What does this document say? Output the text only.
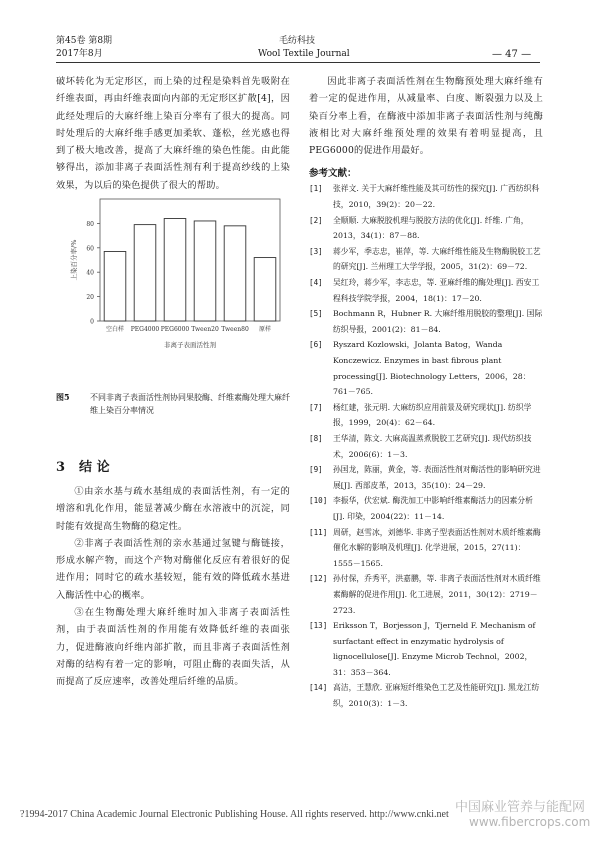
第45卷 第8期
2017年8月
毛纺科技
Wool Textile Journal	— 47 —

破坏转化为无定形区，而上染的过程是染料首先吸附在纤维表面，再由纤维表面向内部的无定形区扩散[4]，因此经处理后的大麻纤维上染百分率有了很大的提高。同时处理后的大麻纤维手感更加柔软、蓬松，丝光感也得到了极大地改善，提高了大麻纤维的染色性能。由此能够得出，添加非离子表面活性剂有利于提高纱线的上染效果，为以后的染色提供了很大的帮助。

0
20
40
60
80
上染百分率/%
空白样 PEG4000 PEG6000 Tween20 Tween80 原样
非离子表面活性剂
图5	不同非离子表面活性剂协同果胶酶、纤维素酶处理大麻纤维上染百分率情况
3 结 论

①由亲水基与疏水基组成的表面活性剂，有一定的增溶和乳化作用，能显著减少酶在水溶液中的沉淀，同时能有效提高生物酶的稳定性。

②非离子表面活性剂的亲水基通过氢键与酶链接，形成水解产物，而这个产物对酶催化反应有着很好的促进作用；同时它的疏水基较短，能有效的降低疏水基进入酶活性中心的概率。

③在生物酶处理大麻纤维时加入非离子表面活性剂，由于表面活性剂的作用能有效降低纤维的表面张力，促进酶液向纤维内部扩散，而且非离子表面活性剂对酶的结构有着一定的影响，可阻止酶的表面失活，从而提高了反应速率，改善处理后纤维的品质。

因此非离子表面活性剂在生物酶预处理大麻纤维有着一定的促进作用，从减量率、白度、断裂强力以及上染百分率上看，在酶液中添加非离子表面活性剂与纯酶液相比对大麻纤维预处理的效果有着明显提高，且PEG6000的促进作用最好。

参考文献：

[1]	张祥文. 关于大麻纤维性能及其可纺性的探究[J]. 广西纺织科技，2010，39(2)：20－22.
[2]	全顺顺. 大麻脱胶机理与脱胶方法的优化[J]. 纤维. 广角，2013，34(1)：87－88.
[3]	蒋少军，季志忠，崔萍，等. 大麻纤维性能及生物酶脱胶工艺的研究[J]. 兰州理工大学学报，2005，31(2)：69－72.
[4]	吴红玲，蒋少军，李志忠，等. 亚麻纤维的酶处理[J]. 西安工程科技学院学报，2004，18(1)：17－20.
[5]	Bochmann R，Hubner R. 大麻纤维用脱胶的整理[J]. 国际纺织导报，2001(2)：81－84.
[6]	Ryszard Kozlowski，Jolanta Batog，Wanda Konczewicz. Enzymes in bast fibrous plant processing[J]. Biotechnology Letters，2006，28：761－765.
[7]	杨红建，张元明. 大麻纺织应用前景及研究现状[J]. 纺织学报，1999，20(4)：62－64.
[8]	王华清，陈文. 大麻高温蒸煮脱胶工艺研究[J]. 现代纺织技术，2006(6)：1－3.
[9]	孙国龙，陈丽，黄金，等. 表面活性剂对酶活性的影响研究进展[J]. 西部皮革，2013，35(10)：24－29.
[10] 李振华，伏宏斌. 酶洗加工中影响纤维素酶活力的因素分析[J]. 印染，2004(22)：11－14.
[11] 周研，赵雪冰，刘德华. 非离子型表面活性剂对木质纤维素酶催化水解的影响及机理[J]. 化学进展，2015，27(11)：1555－1565.
[12] 孙付保，乔秀平，洪嘉鹏，等. 非离子表面活性剂对木质纤维素酶解的促进作用[J]. 化工进展，2011，30(12)：2719－2723.
[13] Eriksson T，Borjesson J，Tjerneld F. Mechanism of surfactant effect in enzymatic hydrolysis of lignocellulose[J]. Enzyme Microb Technol，2002，31：353－364.
[14] 高洁，王慧欣. 亚麻短纤维染色工艺及性能研究[J]. 黑龙江纺织，2010(3)：1－3.
?1994-2017 China Academic Journal Electronic Publishing House. All rights reserved. http://www.cnki.net 中国麻业管养与能配网
www.fibercrops.com
